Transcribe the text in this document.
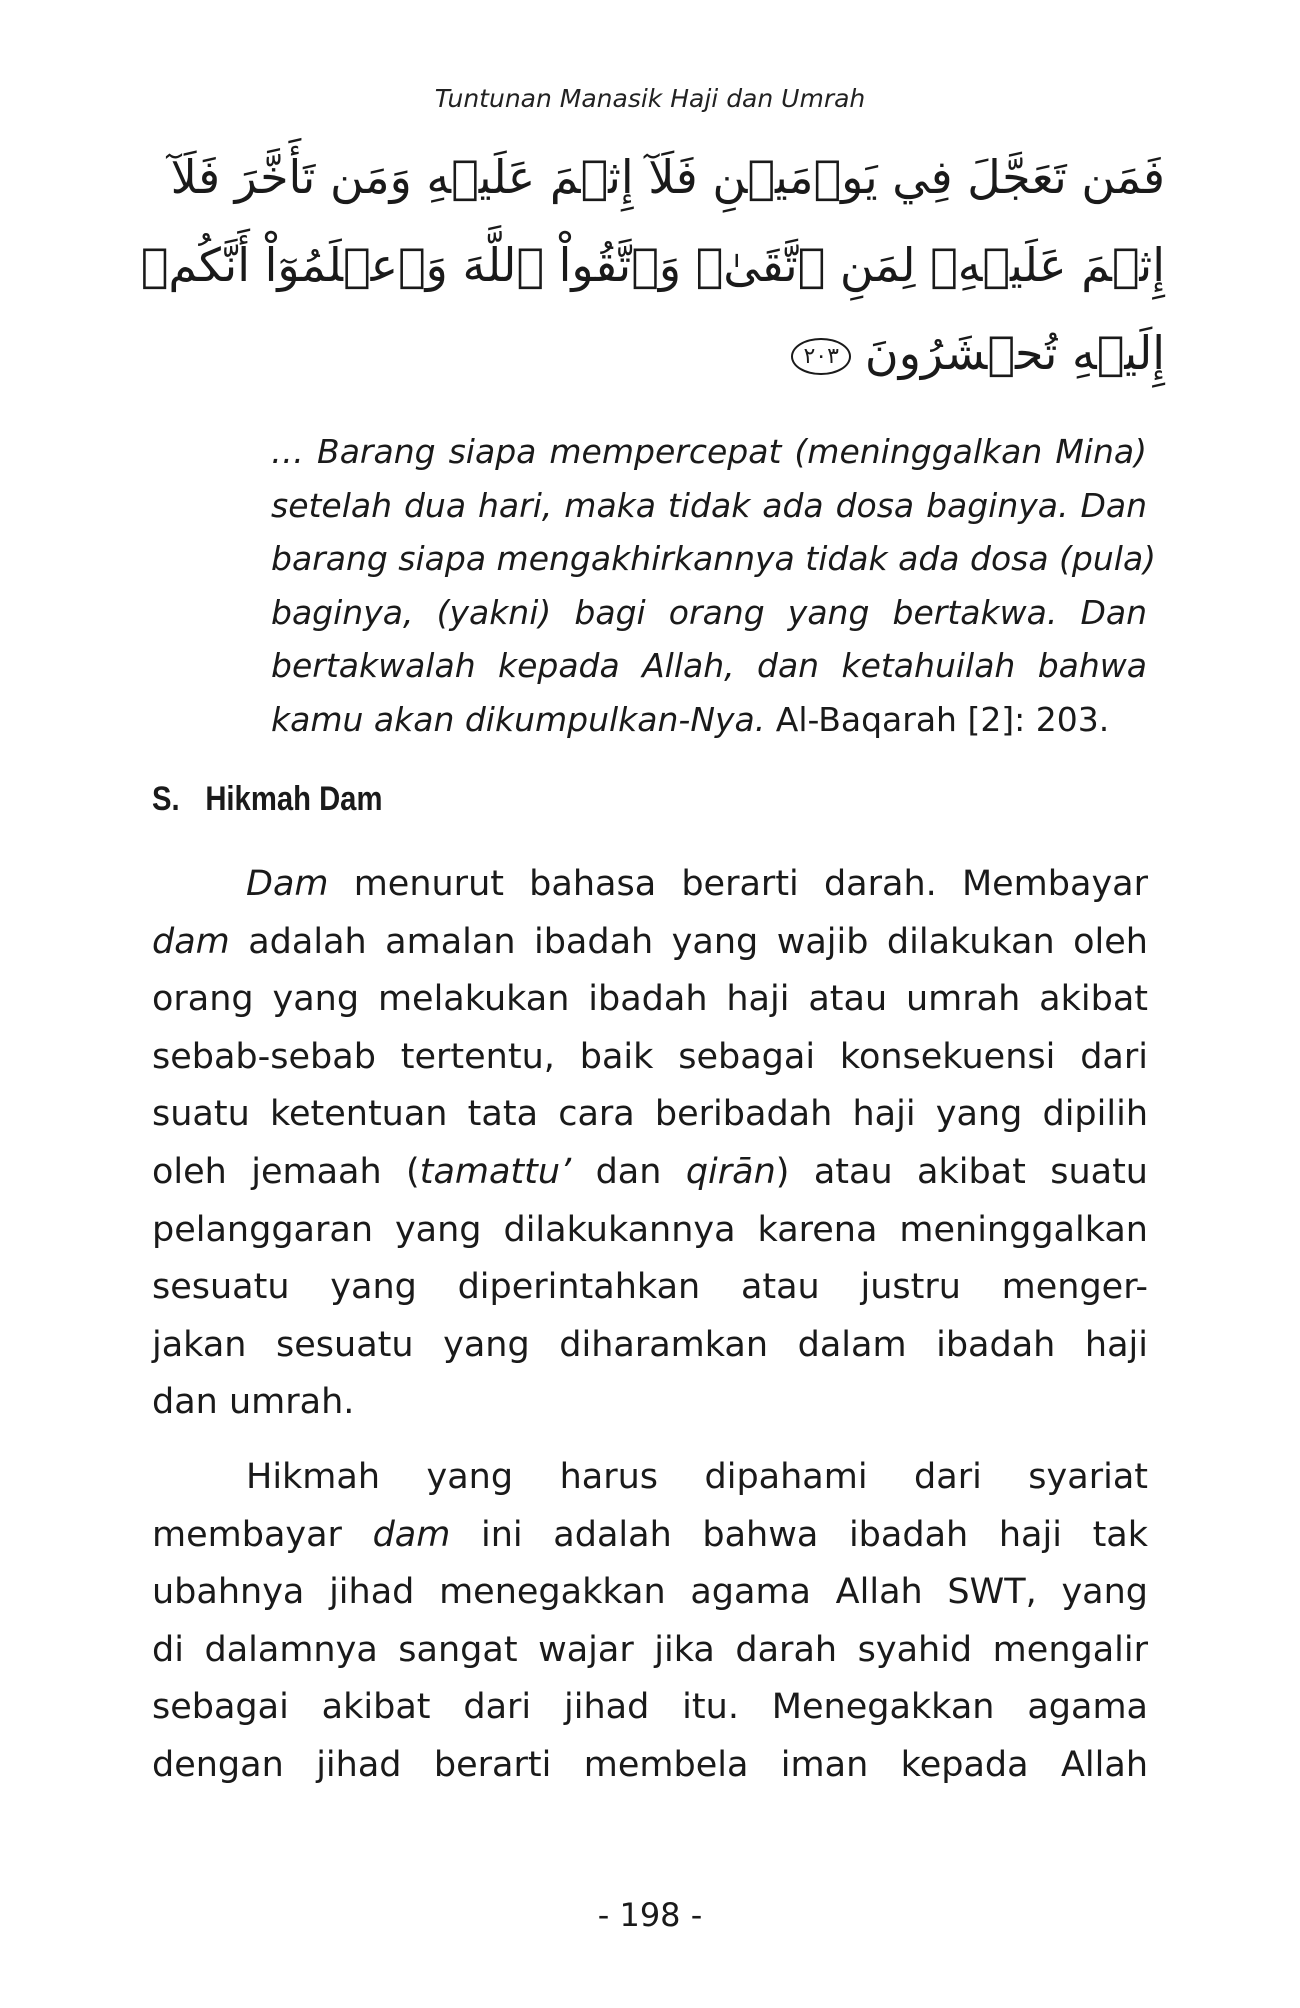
Tuntunan Manasik Haji dan Umrah
فَمَن تَعَجَّلَ فِي يَوۡمَيۡنِ فَلَآ إِثۡمَ عَلَيۡهِ وَمَن تَأَخَّرَ فَلَآ
إِثۡمَ عَلَيۡهِۖ لِمَنِ ٱتَّقَىٰۗ وَٱتَّقُواْ ٱللَّهَ وَٱعۡلَمُوٓاْ أَنَّكُمۡ
إِلَيۡهِ تُحۡشَرُونَ٢٠٣
… Barang siapa mempercepat (meninggalkan Mina)
setelah dua hari, maka tidak ada dosa baginya. Dan
barang siapa mengakhirkannya tidak ada dosa (pula)
baginya, (yakni) bagi orang yang bertakwa. Dan
bertakwalah kepada Allah, dan ketahuilah bahwa
kamu akan dikumpulkan-Nya. Al-Baqarah [2]: 203.
S. Hikmah Dam
Dam menurut bahasa berarti darah. Membayar
dam adalah amalan ibadah yang wajib dilakukan oleh
orang yang melakukan ibadah haji atau umrah akibat
sebab-sebab tertentu, baik sebagai konsekuensi dari
suatu ketentuan tata cara beribadah haji yang dipilih
oleh jemaah (tamattu’ dan qirān) atau akibat suatu
pelanggaran yang dilakukannya karena meninggalkan
sesuatu yang diperintahkan atau justru menger-
jakan sesuatu yang diharamkan dalam ibadah haji
dan umrah.
Hikmah yang harus dipahami dari syariat
membayar dam ini adalah bahwa ibadah haji tak
ubahnya jihad menegakkan agama Allah SWT, yang
di dalamnya sangat wajar jika darah syahid mengalir
sebagai akibat dari jihad itu. Menegakkan agama
dengan jihad berarti membela iman kepada Allah
- 198 -
